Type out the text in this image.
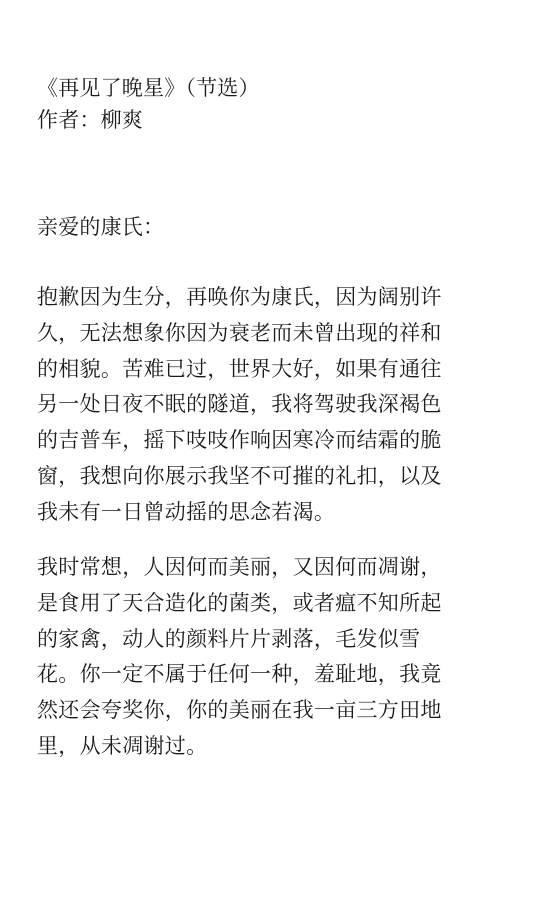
《再见了晚星》（节选）
作者：柳爽
亲爱的康氏：
抱歉因为生分，再唤你为康氏，因为阔别许
久，无法想象你因为衰老而未曾出现的祥和
的相貌。苦难已过，世界大好，如果有通往
另一处日夜不眠的隧道，我将驾驶我深褐色
的吉普车，摇下吱吱作响因寒冷而结霜的脆
窗，我想向你展示我坚不可摧的礼扣，以及
我未有一日曾动摇的思念若渴。
我时常想，人因何而美丽，又因何而凋谢，
是食用了天合造化的菌类，或者瘟不知所起
的家禽，动人的颜料片片剥落，毛发似雪
花。你一定不属于任何一种，羞耻地，我竟
然还会夸奖你，你的美丽在我一亩三方田地
里，从未凋谢过。
